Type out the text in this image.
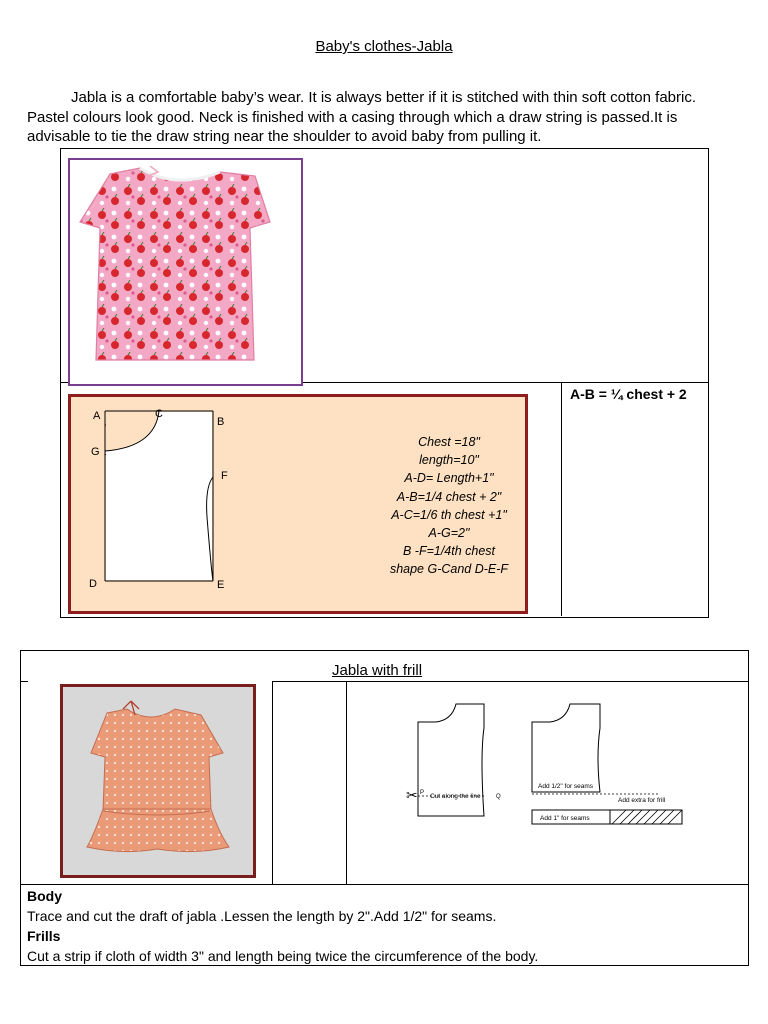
Baby's clothes-Jabla
Jabla is a comfortable baby’s wear. It is always better if it is stitched with thin soft cotton fabric. Pastel colours look good. Neck is finished with a casing through which a draw string is passed.It is advisable to tie the draw string near the shoulder to avoid baby from pulling it.
A-B = ¼ chest + 2
A	C
B
G
F
D	E
Chest =18"
length=10"
A-D= Length+1"
A-B=1/4 chest + 2"
A-C=1/6 th chest +1"
A-G=2"
B -F=1/4th chest
shape G-Cand D-E-F
Jabla with frill
✂ P Cut along the line	Q
Add 1/2" for seams
Add extra for frill
Add 1" for seams
Body
Trace and cut the draft of jabla .Lessen the length by 2".Add 1/2" for seams.
Frills
Cut a strip if cloth of width 3" and length being twice the circumference of the body.
